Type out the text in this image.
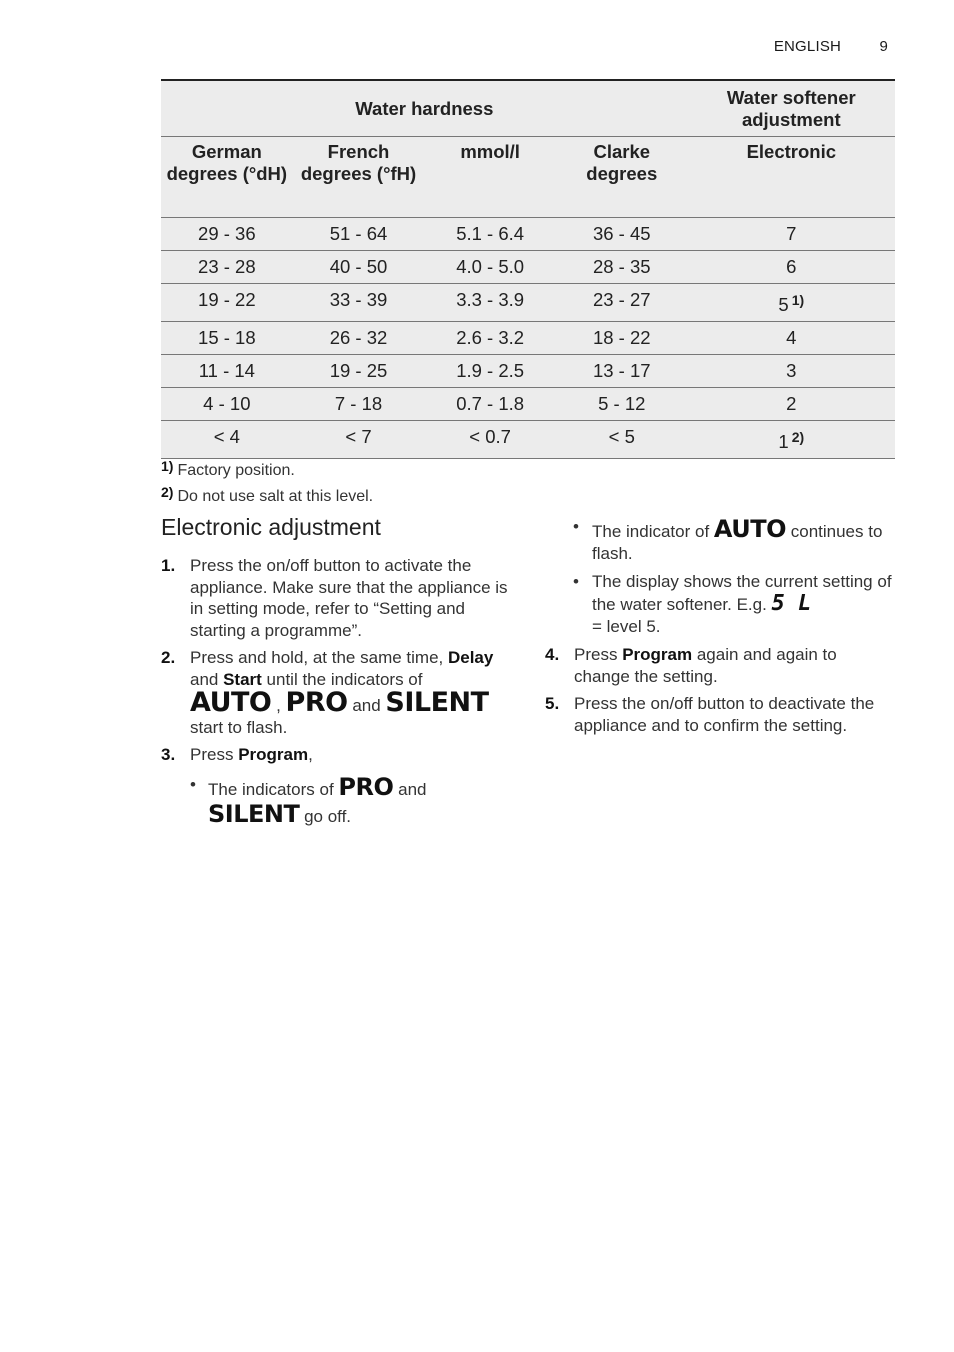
ENGLISH	9
Water hardness				Water softener adjustment
German degrees (°dH)	French degrees (°fH)	mmol/l	Clarke degrees	Electronic
29 - 36	51 - 64	5.1 - 6.4	36 - 45	7
23 - 28	40 - 50	4.0 - 5.0	28 - 35	6
19 - 22	33 - 39	3.3 - 3.9	23 - 27	5 $^{1)}$
15 - 18	26 - 32	2.6 - 3.2	18 - 22	4
11 - 14	19 - 25	1.9 - 2.5	13 - 17	3
4 - 10	7 - 18	0.7 - 1.8	5 - 12	2
< 4	< 7	< 0.7	< 5	1 $^{2)}$
1) Factory position.
2) Do not use salt at this level.
Electronic adjustment
1. Press the on/off button to activate the appliance. Make sure that the appliance is in setting mode, refer to “Setting and starting a programme”.
2. Press and hold, at the same time, Delay and Start until the indicators of
AUTO , PRO and SILENT
start to flash.
3. Press Program,
• The indicators of PRO and
SILENT go off.
• The indicator of AUTO continues to flash.
• The display shows the current setting of the water softener. E.g. 5 L
= level 5.
4. Press Program again and again to change the setting.
5. Press the on/off button to deactivate the appliance and to confirm the setting.
